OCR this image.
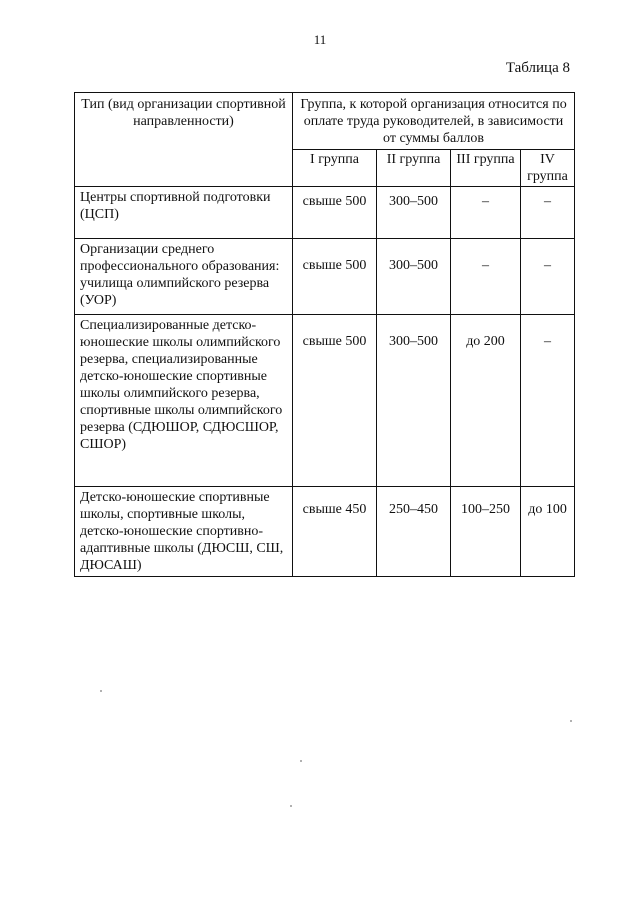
11
Таблица 8
Тип (вид организации спортивной направленности)	Группа, к которой организация относится по оплате труда руководителей, в зависимости от суммы баллов			
	I группа	II группа	III группа	IV группа
Центры спортивной подготовки (ЦСП)	свыше 500	300–500	–	–
Организации среднего профессионального образования: училища олимпийского резерва (УОР)	свыше 500	300–500	–	–
Специализированные детско-юношеские школы олимпийского резерва, специализированные детско-юношеские спортивные школы олимпийского резерва, спортивные школы олимпийского резерва (СДЮШОР, СДЮСШОР, СШОР)	свыше 500	300–500	до 200	–
Детско-юношеские спортивные школы, спортивные школы, детско-юношеские спортивно-адаптивные школы (ДЮСШ, СШ, ДЮСАШ)	свыше 450	250–450	100–250	до 100
